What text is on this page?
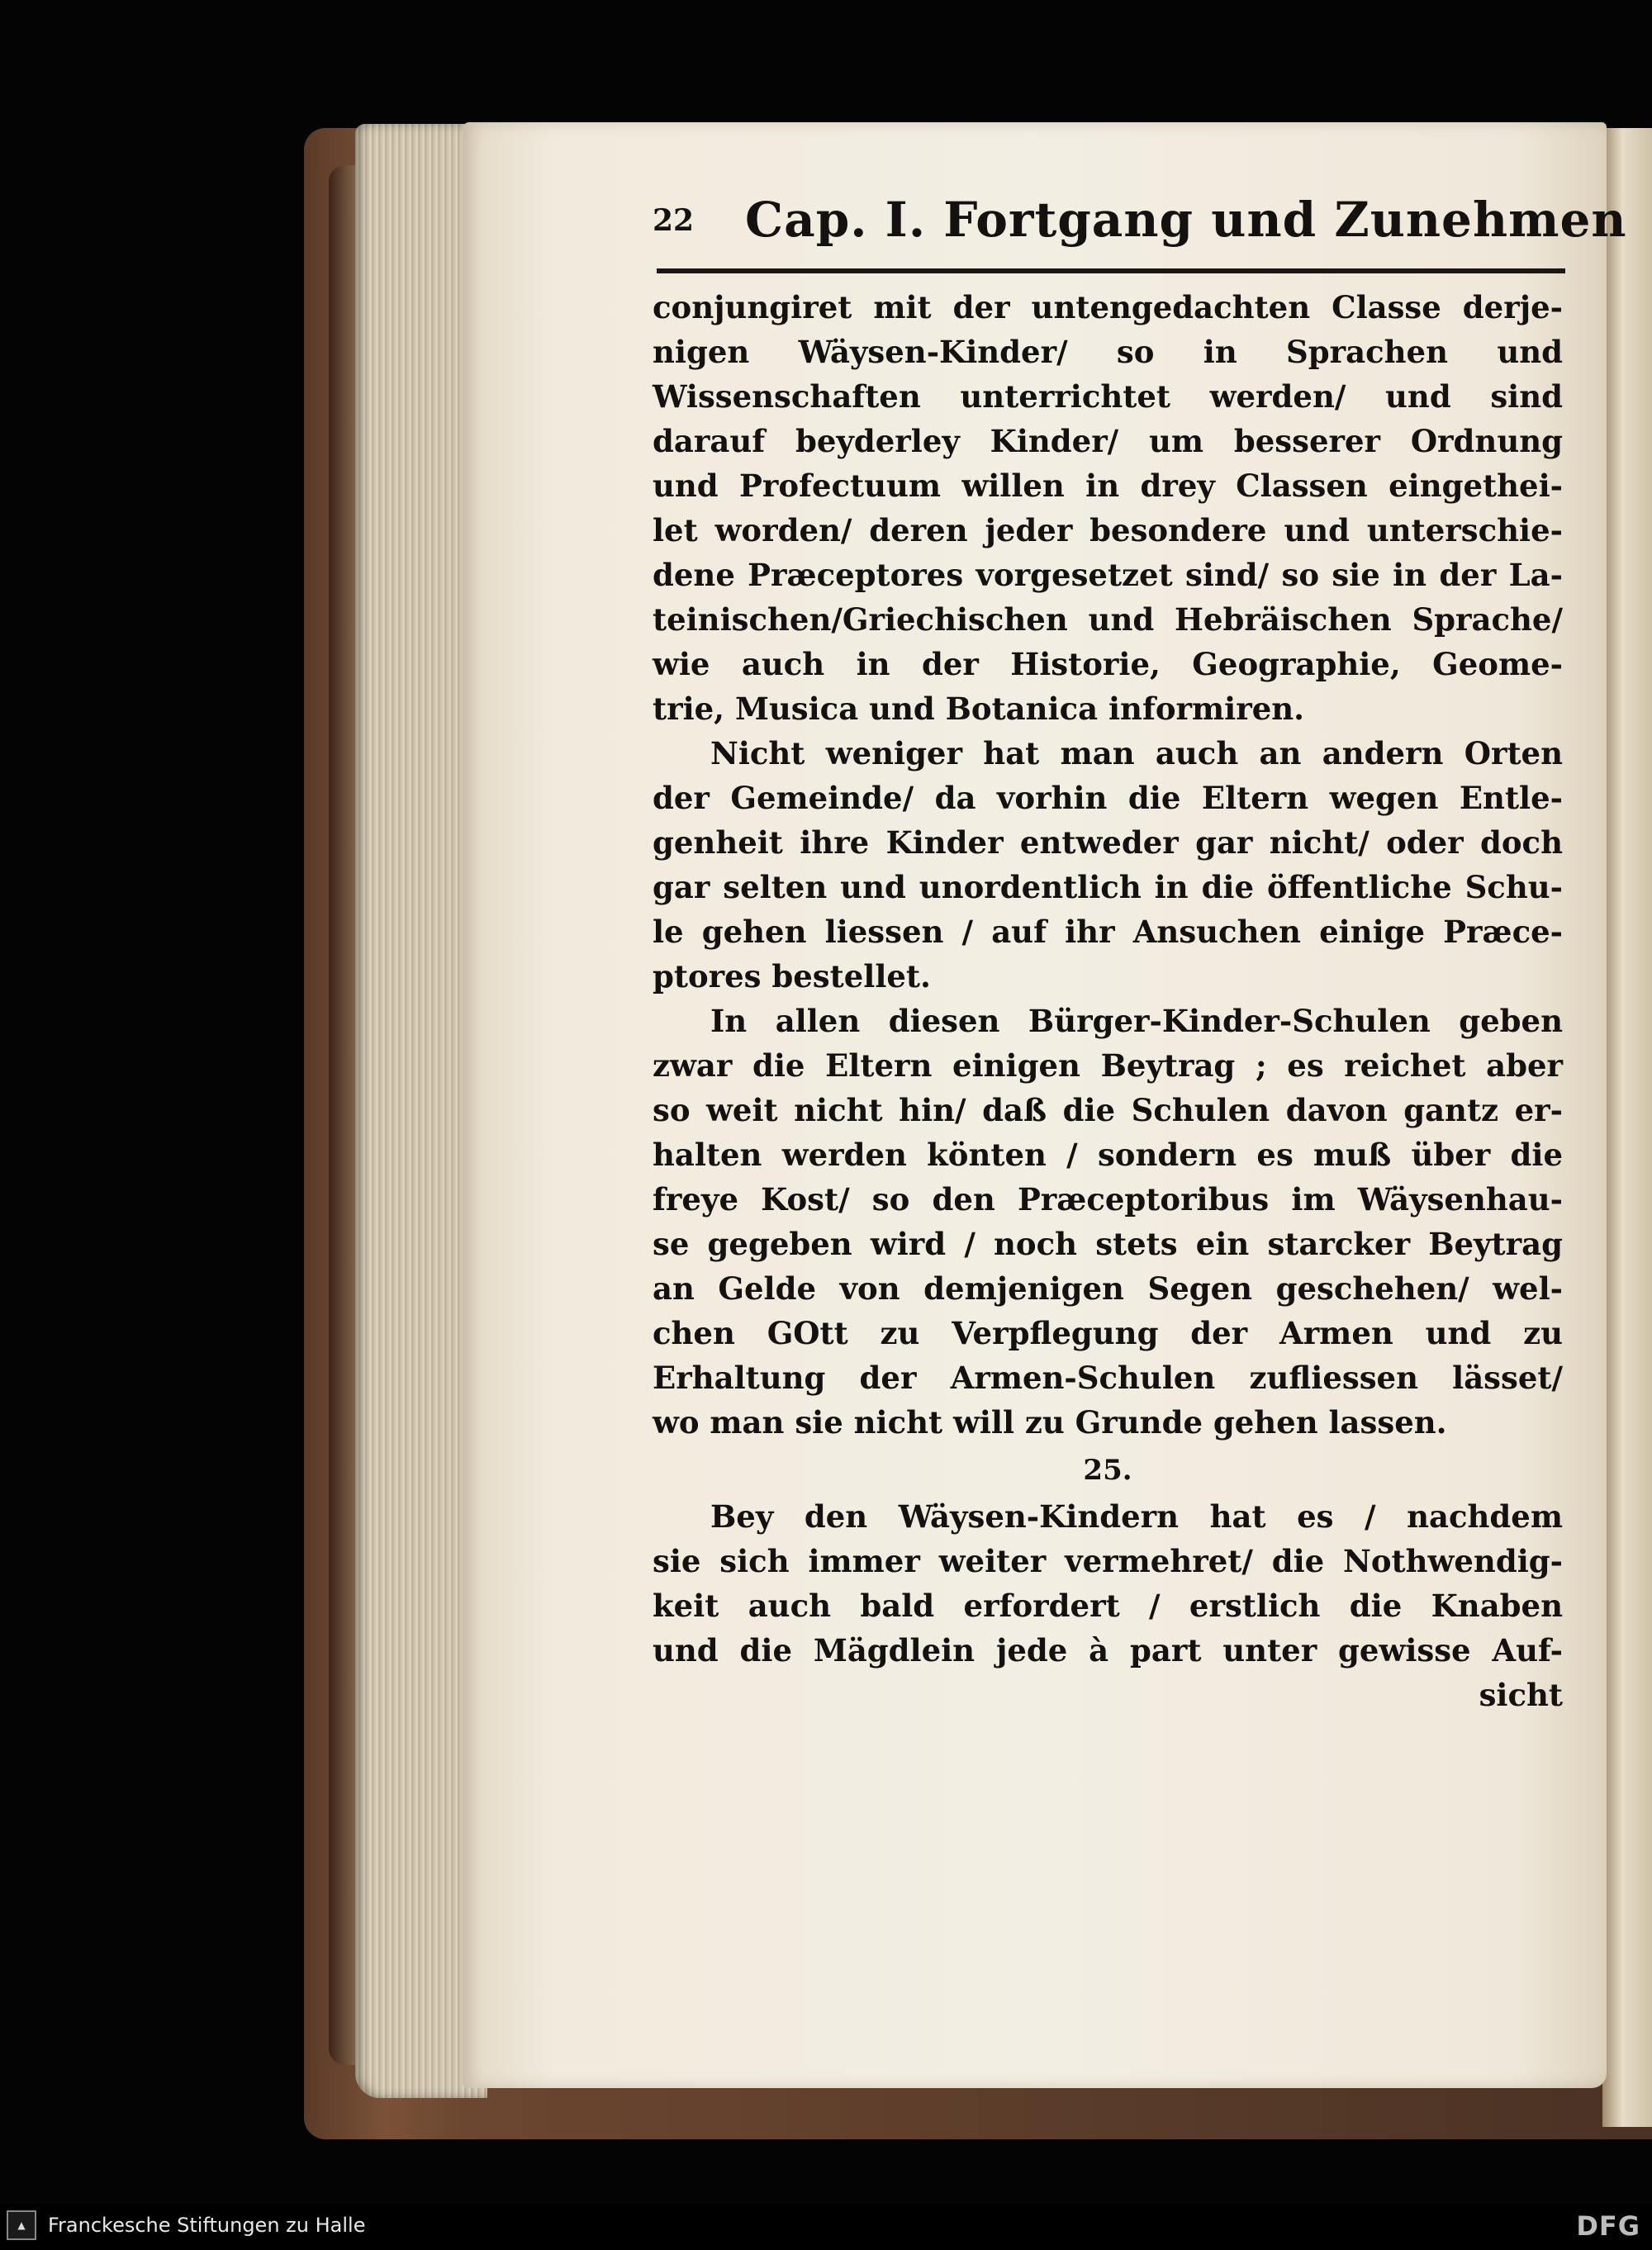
22 Cap. I. Fortgang und Zunehmen
conjungiret mit der untengedachten Classe derje-
nigen Wäysen-Kinder/ so in Sprachen und
Wissenschaften unterrichtet werden/ und sind
darauf beyderley Kinder/ um besserer Ordnung
und Profectuum willen in drey Classen eingethei-
let worden/ deren jeder besondere und unterschie-
dene Præceptores vorgesetzet sind/ so sie in der La-
teinischen/Griechischen und Hebräischen Sprache/
wie auch in der Historie, Geographie, Geome-
trie, Musica und Botanica informiren.
Nicht weniger hat man auch an andern Orten
der Gemeinde/ da vorhin die Eltern wegen Entle-
genheit ihre Kinder entweder gar nicht/ oder doch
gar selten und unordentlich in die öffentliche Schu-
le gehen liessen / auf ihr Ansuchen einige Præce-
ptores bestellet.
In allen diesen Bürger-Kinder-Schulen geben
zwar die Eltern einigen Beytrag ; es reichet aber
so weit nicht hin/ daß die Schulen davon gantz er-
halten werden könten / sondern es muß über die
freye Kost/ so den Præceptoribus im Wäysenhau-
se gegeben wird / noch stets ein starcker Beytrag
an Gelde von demjenigen Segen geschehen/ wel-
chen GOtt zu Verpflegung der Armen und zu
Erhaltung der Armen-Schulen zufliessen lässet/
wo man sie nicht will zu Grunde gehen lassen.
25.
Bey den Wäysen-Kindern hat es / nachdem
sie sich immer weiter vermehret/ die Nothwendig-
keit auch bald erfordert / erstlich die Knaben
und die Mägdlein jede à part unter gewisse Auf-
sicht
▲	Franckesche Stiftungen zu Halle	DFG
